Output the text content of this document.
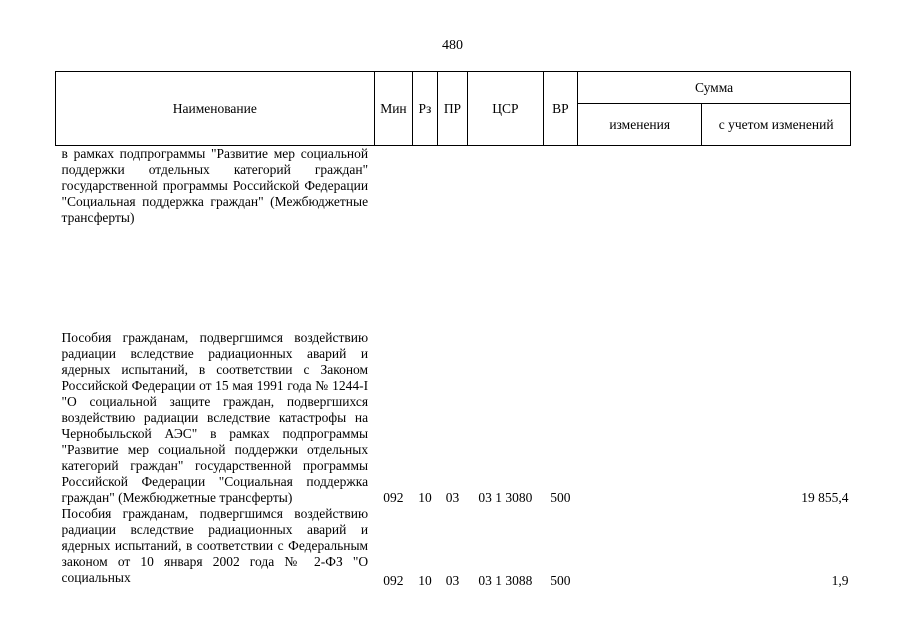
480
Наименование	Мин	Рз	ПР	ЦСР	ВР	Сумма	
						изменения	с учетом изменений
в рамках подпрограммы "Развитие мер социальной поддержки отдельных категорий граждан" государственной программы Российской Федерации "Социальная поддержка граждан" (Межбюджетные трансферты)							
Пособия гражданам, подвергшимся воздействию радиации вследствие радиационных аварий и ядерных испытаний, в соответствии с Законом Российской Федерации от 15 мая 1991 года № 1244-I "О социальной защите граждан, подвергшихся воздействию радиации вследствие катастрофы на Чернобыльской АЭС" в рамках подпрограммы "Развитие мер социальной поддержки отдельных категорий граждан" государственной программы Российской Федерации "Социальная поддержка граждан" (Межбюджетные трансферты)	092	10	03	03 1 3080	500		19 855,4

Пособия гражданам, подвергшимся воздействию радиации вследствие радиационных аварий и ядерных испытаний, в соответствии с Федеральным законом от 10 января 2002 года № 2-ФЗ "О социальных	092	10	03	03 1 3088	500		1,9
